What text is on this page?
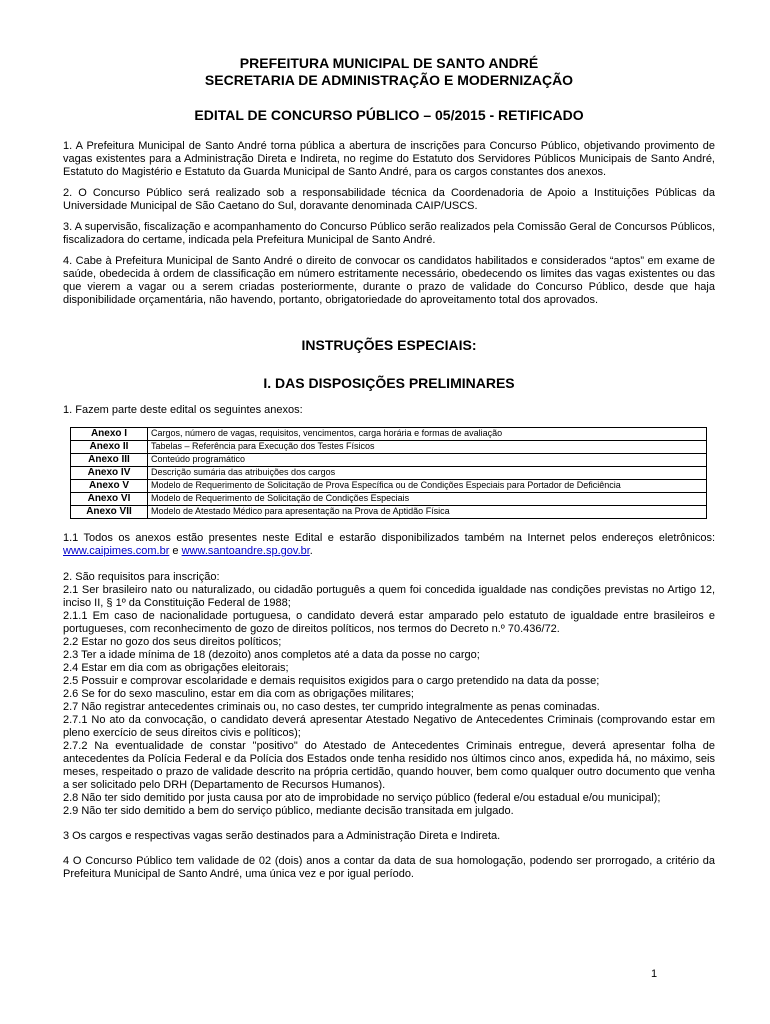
PREFEITURA MUNICIPAL DE SANTO ANDRÉ
SECRETARIA DE ADMINISTRAÇÃO E MODERNIZAÇÃO
EDITAL DE CONCURSO PÚBLICO – 05/2015 - RETIFICADO

1. A Prefeitura Municipal de Santo André torna pública a abertura de inscrições para Concurso Público, objetivando provimento de vagas existentes para a Administração Direta e Indireta, no regime do Estatuto dos Servidores Públicos Municipais de Santo André, Estatuto do Magistério e Estatuto da Guarda Municipal de Santo André, para os cargos constantes dos anexos.

2. O Concurso Público será realizado sob a responsabilidade técnica da Coordenadoria de Apoio a Instituições Públicas da Universidade Municipal de São Caetano do Sul, doravante denominada CAIP/USCS.

3. A supervisão, fiscalização e acompanhamento do Concurso Público serão realizados pela Comissão Geral de Concursos Públicos, fiscalizadora do certame, indicada pela Prefeitura Municipal de Santo André.

4. Cabe à Prefeitura Municipal de Santo André o direito de convocar os candidatos habilitados e considerados “aptos” em exame de saúde, obedecida à ordem de classificação em número estritamente necessário, obedecendo os limites das vagas existentes ou das que vierem a vagar ou a serem criadas posteriormente, durante o prazo de validade do Concurso Público, desde que haja disponibilidade orçamentária, não havendo, portanto, obrigatoriedade do aproveitamento total dos aprovados.

INSTRUÇÕES ESPECIAIS:
I. DAS DISPOSIÇÕES PRELIMINARES

1. Fazem parte deste edital os seguintes anexos:

Anexo I	Cargos, número de vagas, requisitos, vencimentos, carga horária e formas de avaliação
Anexo II	Tabelas – Referência para Execução dos Testes Físicos
Anexo III	Conteúdo programático
Anexo IV	Descrição sumária das atribuições dos cargos
Anexo V	Modelo de Requerimento de Solicitação de Prova Específica ou de Condições Especiais para Portador de Deficiência
Anexo VI	Modelo de Requerimento de Solicitação de Condições Especiais
Anexo VII	Modelo de Atestado Médico para apresentação na Prova de Aptidão Física

1.1 Todos os anexos estão presentes neste Edital e estarão disponibilizados também na Internet pelos endereços eletrônicos: www.caipimes.com.br e www.santoandre.sp.gov.br.

2. São requisitos para inscrição:

2.1 Ser brasileiro nato ou naturalizado, ou cidadão português a quem foi concedida igualdade nas condições previstas no Artigo 12, inciso II, § 1º da Constituição Federal de 1988;

2.1.1 Em caso de nacionalidade portuguesa, o candidato deverá estar amparado pelo estatuto de igualdade entre brasileiros e portugueses, com reconhecimento de gozo de direitos políticos, nos termos do Decreto n.º 70.436/72.

2.2 Estar no gozo dos seus direitos políticos;

2.3 Ter a idade mínima de 18 (dezoito) anos completos até a data da posse no cargo;

2.4 Estar em dia com as obrigações eleitorais;

2.5 Possuir e comprovar escolaridade e demais requisitos exigidos para o cargo pretendido na data da posse;

2.6 Se for do sexo masculino, estar em dia com as obrigações militares;

2.7 Não registrar antecedentes criminais ou, no caso destes, ter cumprido integralmente as penas cominadas.

2.7.1 No ato da convocação, o candidato deverá apresentar Atestado Negativo de Antecedentes Criminais (comprovando estar em pleno exercício de seus direitos civis e políticos);

2.7.2 Na eventualidade de constar "positivo" do Atestado de Antecedentes Criminais entregue, deverá apresentar folha de antecedentes da Polícia Federal e da Polícia dos Estados onde tenha residido nos últimos cinco anos, expedida há, no máximo, seis meses, respeitado o prazo de validade descrito na própria certidão, quando houver, bem como qualquer outro documento que venha a ser solicitado pelo DRH (Departamento de Recursos Humanos).

2.8 Não ter sido demitido por justa causa por ato de improbidade no serviço público (federal e/ou estadual e/ou municipal);

2.9 Não ter sido demitido a bem do serviço público, mediante decisão transitada em julgado.

3 Os cargos e respectivas vagas serão destinados para a Administração Direta e Indireta.

4 O Concurso Público tem validade de 02 (dois) anos a contar da data de sua homologação, podendo ser prorrogado, a critério da Prefeitura Municipal de Santo André, uma única vez e por igual período.

1
